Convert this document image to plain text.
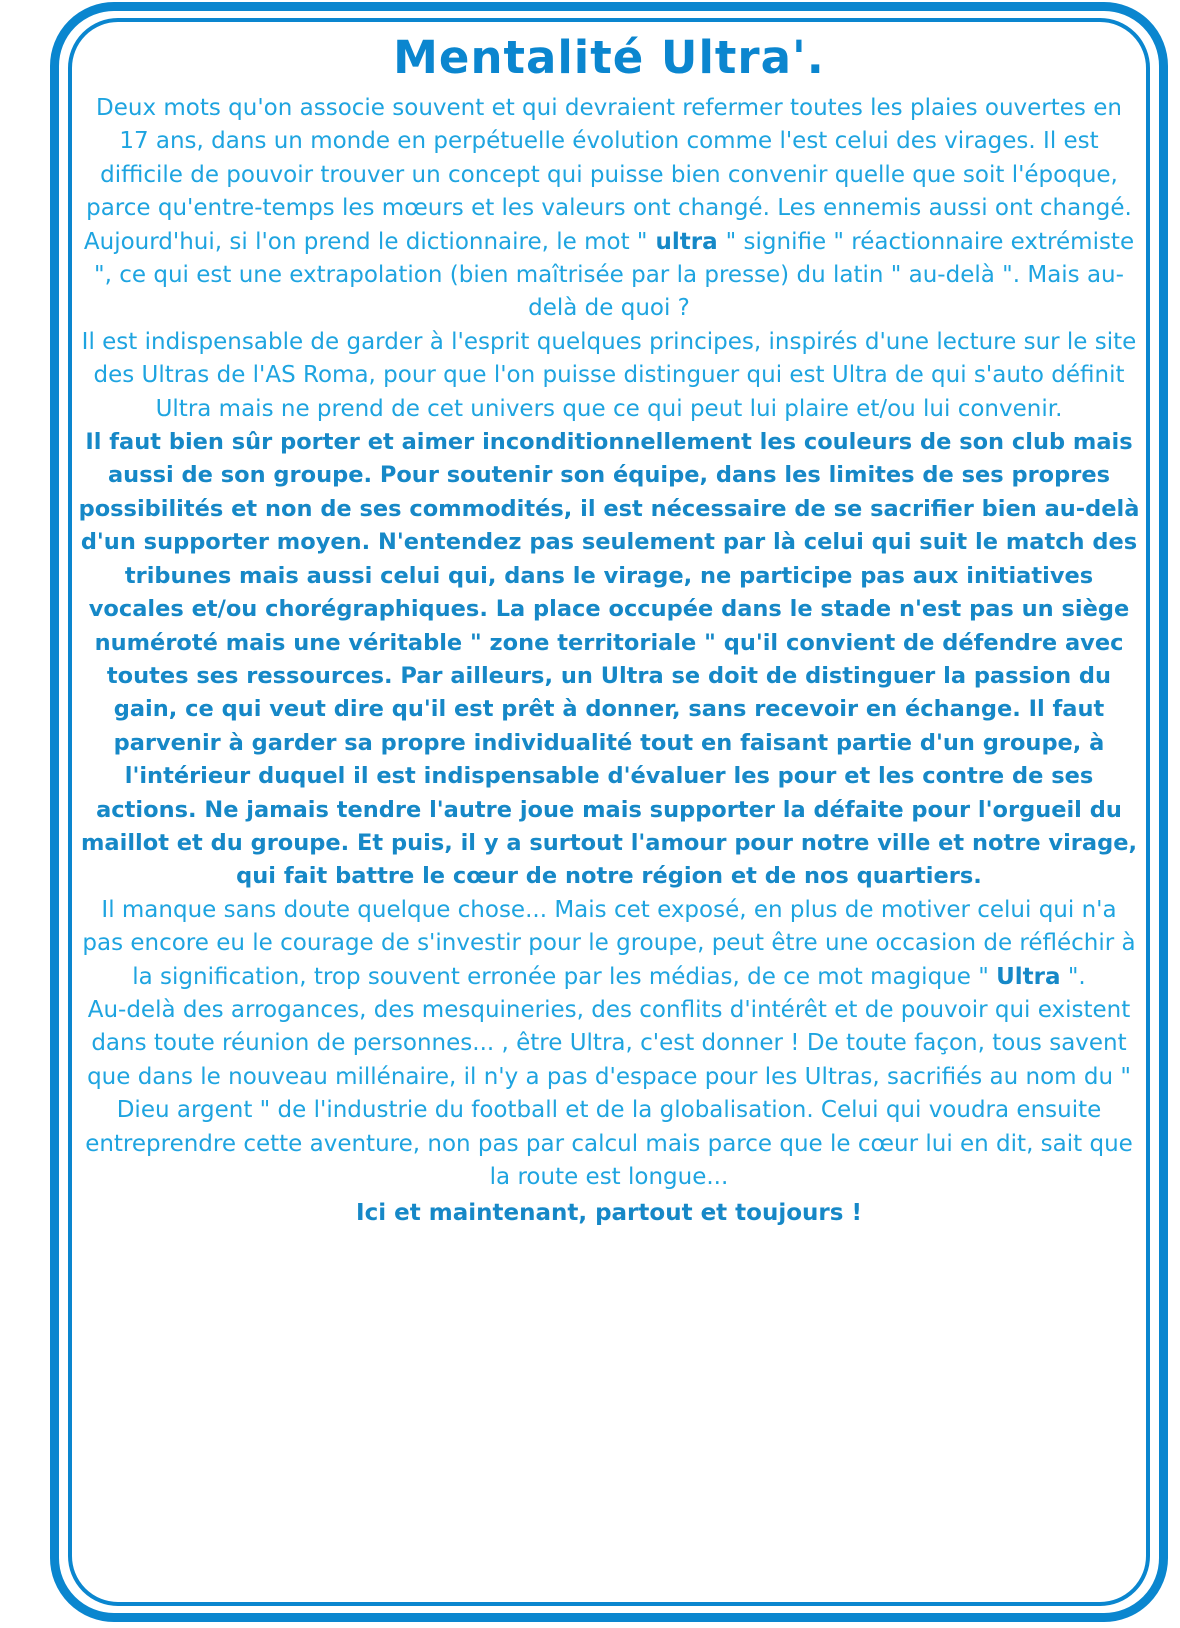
Mentalité Ultra'.

Deux mots qu'on associe souvent et qui devraient refermer toutes les plaies ouvertes en 17 ans, dans un monde en perpétuelle évolution comme l'est celui des virages. Il est difficile de pouvoir trouver un concept qui puisse bien convenir quelle que soit l'époque, parce qu'entre-temps les mœurs et les valeurs ont changé. Les ennemis aussi ont changé.

Aujourd'hui, si l'on prend le dictionnaire, le mot " ultra " signifie " réactionnaire extrémiste ", ce qui est une extrapolation (bien maîtrisée par la presse) du latin " au-delà ". Mais au-delà de quoi ?

Il est indispensable de garder à l'esprit quelques principes, inspirés d'une lecture sur le site des Ultras de l'AS Roma, pour que l'on puisse distinguer qui est Ultra de qui s'auto définit Ultra mais ne prend de cet univers que ce qui peut lui plaire et/ou lui convenir.

Il faut bien sûr porter et aimer inconditionnellement les couleurs de son club mais aussi de son groupe. Pour soutenir son équipe, dans les limites de ses propres possibilités et non de ses commodités, il est nécessaire de se sacrifier bien au-delà d'un supporter moyen. N'entendez pas seulement par là celui qui suit le match des tribunes mais aussi celui qui, dans le virage, ne participe pas aux initiatives vocales et/ou chorégraphiques. La place occupée dans le stade n'est pas un siège numéroté mais une véritable " zone territoriale " qu'il convient de défendre avec toutes ses ressources. Par ailleurs, un Ultra se doit de distinguer la passion du gain, ce qui veut dire qu'il est prêt à donner, sans recevoir en échange. Il faut parvenir à garder sa propre individualité tout en faisant partie d'un groupe, à l'intérieur duquel il est indispensable d'évaluer les pour et les contre de ses actions. Ne jamais tendre l'autre joue mais supporter la défaite pour l'orgueil du maillot et du groupe. Et puis, il y a surtout l'amour pour notre ville et notre virage, qui fait battre le cœur de notre région et de nos quartiers.

Il manque sans doute quelque chose... Mais cet exposé, en plus de motiver celui qui n'a pas encore eu le courage de s'investir pour le groupe, peut être une occasion de réfléchir à la signification, trop souvent erronée par les médias, de ce mot magique " Ultra ".

Au-delà des arrogances, des mesquineries, des conflits d'intérêt et de pouvoir qui existent dans toute réunion de personnes... , être Ultra, c'est donner ! De toute façon, tous savent que dans le nouveau millénaire, il n'y a pas d'espace pour les Ultras, sacrifiés au nom du " Dieu argent " de l'industrie du football et de la globalisation. Celui qui voudra ensuite entreprendre cette aventure, non pas par calcul mais parce que le cœur lui en dit, sait que la route est longue...

Ici et maintenant, partout et toujours !
